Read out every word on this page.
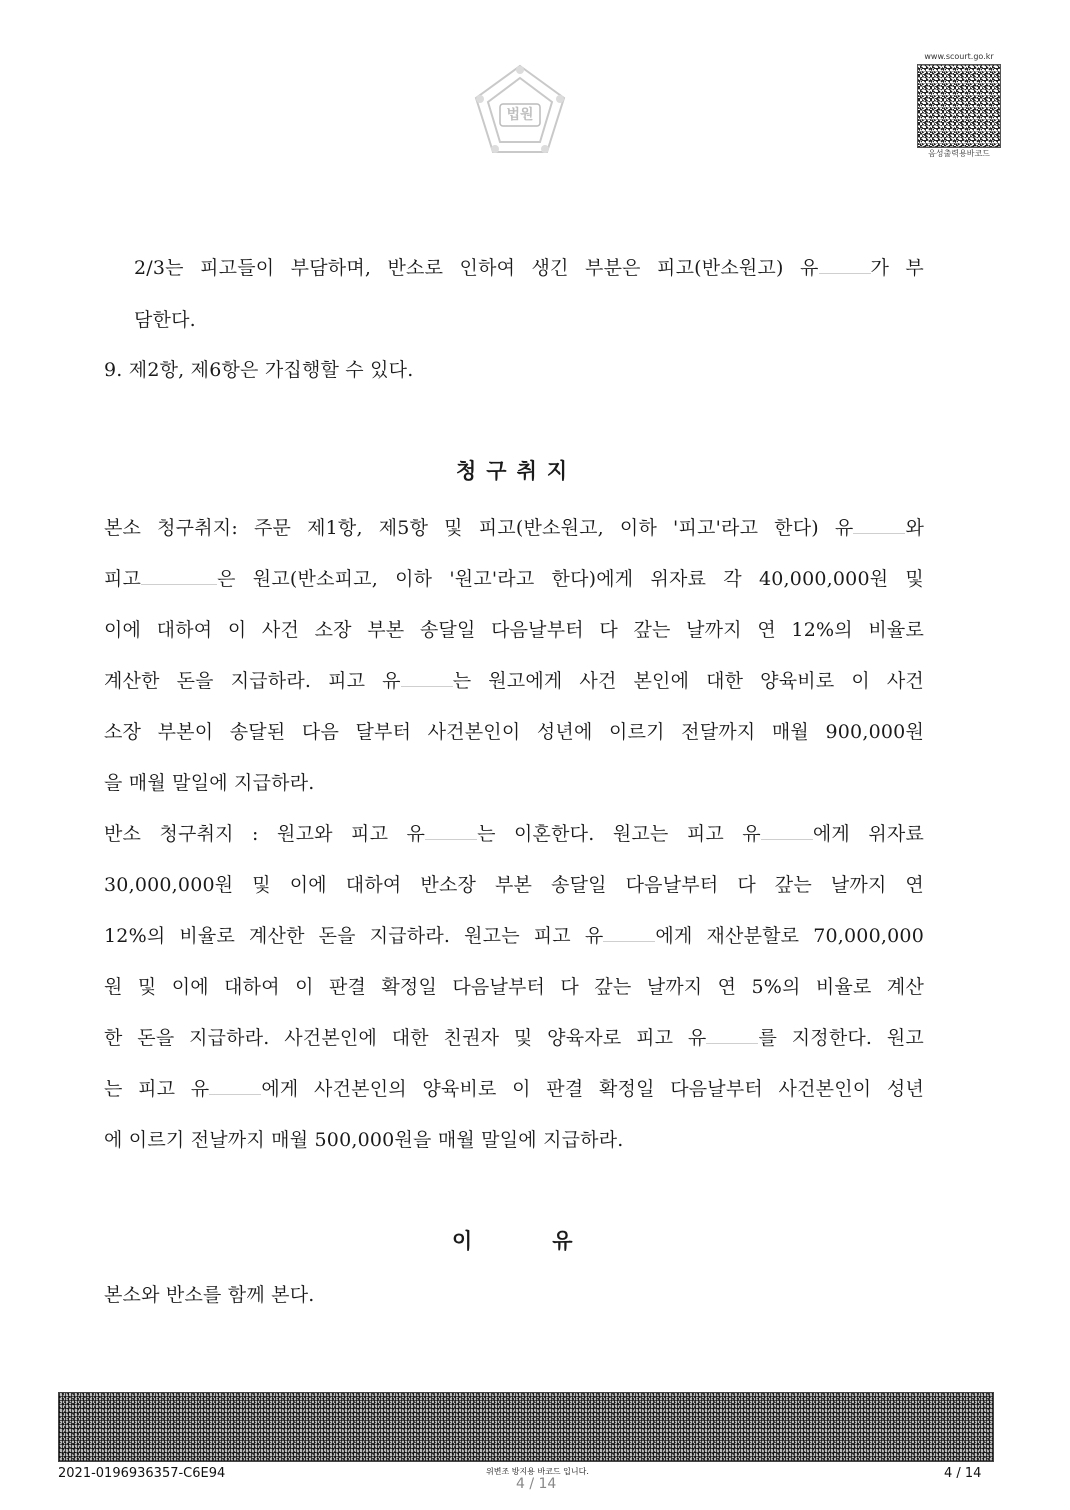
법원
www.scourt.go.kr
음성출력용바코드

2/3는 피고들이 부담하며, 반소로 인하여 생긴 부분은 피고(반소원고) 유	가 부

담한다.

9. 제2항, 제6항은 가집행할 수 있다.

청구취지

본소 청구취지: 주문 제1항, 제5항 및 피고(반소원고, 이하 '피고'라고 한다) 유	와

피고	은 원고(반소피고, 이하 '원고'라고 한다)에게 위자료 각 40,000,000원 및

이에 대하여 이 사건 소장 부본 송달일 다음날부터 다 갚는 날까지 연 12%의 비율로

계산한 돈을 지급하라. 피고 유	는 원고에게 사건 본인에 대한 양육비로 이 사건

소장 부본이 송달된 다음 달부터 사건본인이 성년에 이르기 전달까지 매월 900,000원

을 매월 말일에 지급하라.

반소 청구취지 : 원고와 피고 유	는 이혼한다. 원고는 피고 유	에게 위자료

30,000,000원 및 이에 대하여 반소장 부본 송달일 다음날부터 다 갚는 날까지 연

12%의 비율로 계산한 돈을 지급하라. 원고는 피고 유	에게 재산분할로 70,000,000

원 및 이에 대하여 이 판결 확정일 다음날부터 다 갚는 날까지 연 5%의 비율로 계산

한 돈을 지급하라. 사건본인에 대한 친권자 및 양육자로 피고 유	를 지정한다. 원고

는 피고 유	에게 사건본인의 양육비로 이 판결 확정일 다음날부터 사건본인이 성년

에 이르기 전날까지 매월 500,000원을 매월 말일에 지급하라.

이	유

본소와 반소를 함께 본다.

2021-0196936357-C6E94	위변조 방지용 바코드 입니다.

4 / 14

4 / 14
